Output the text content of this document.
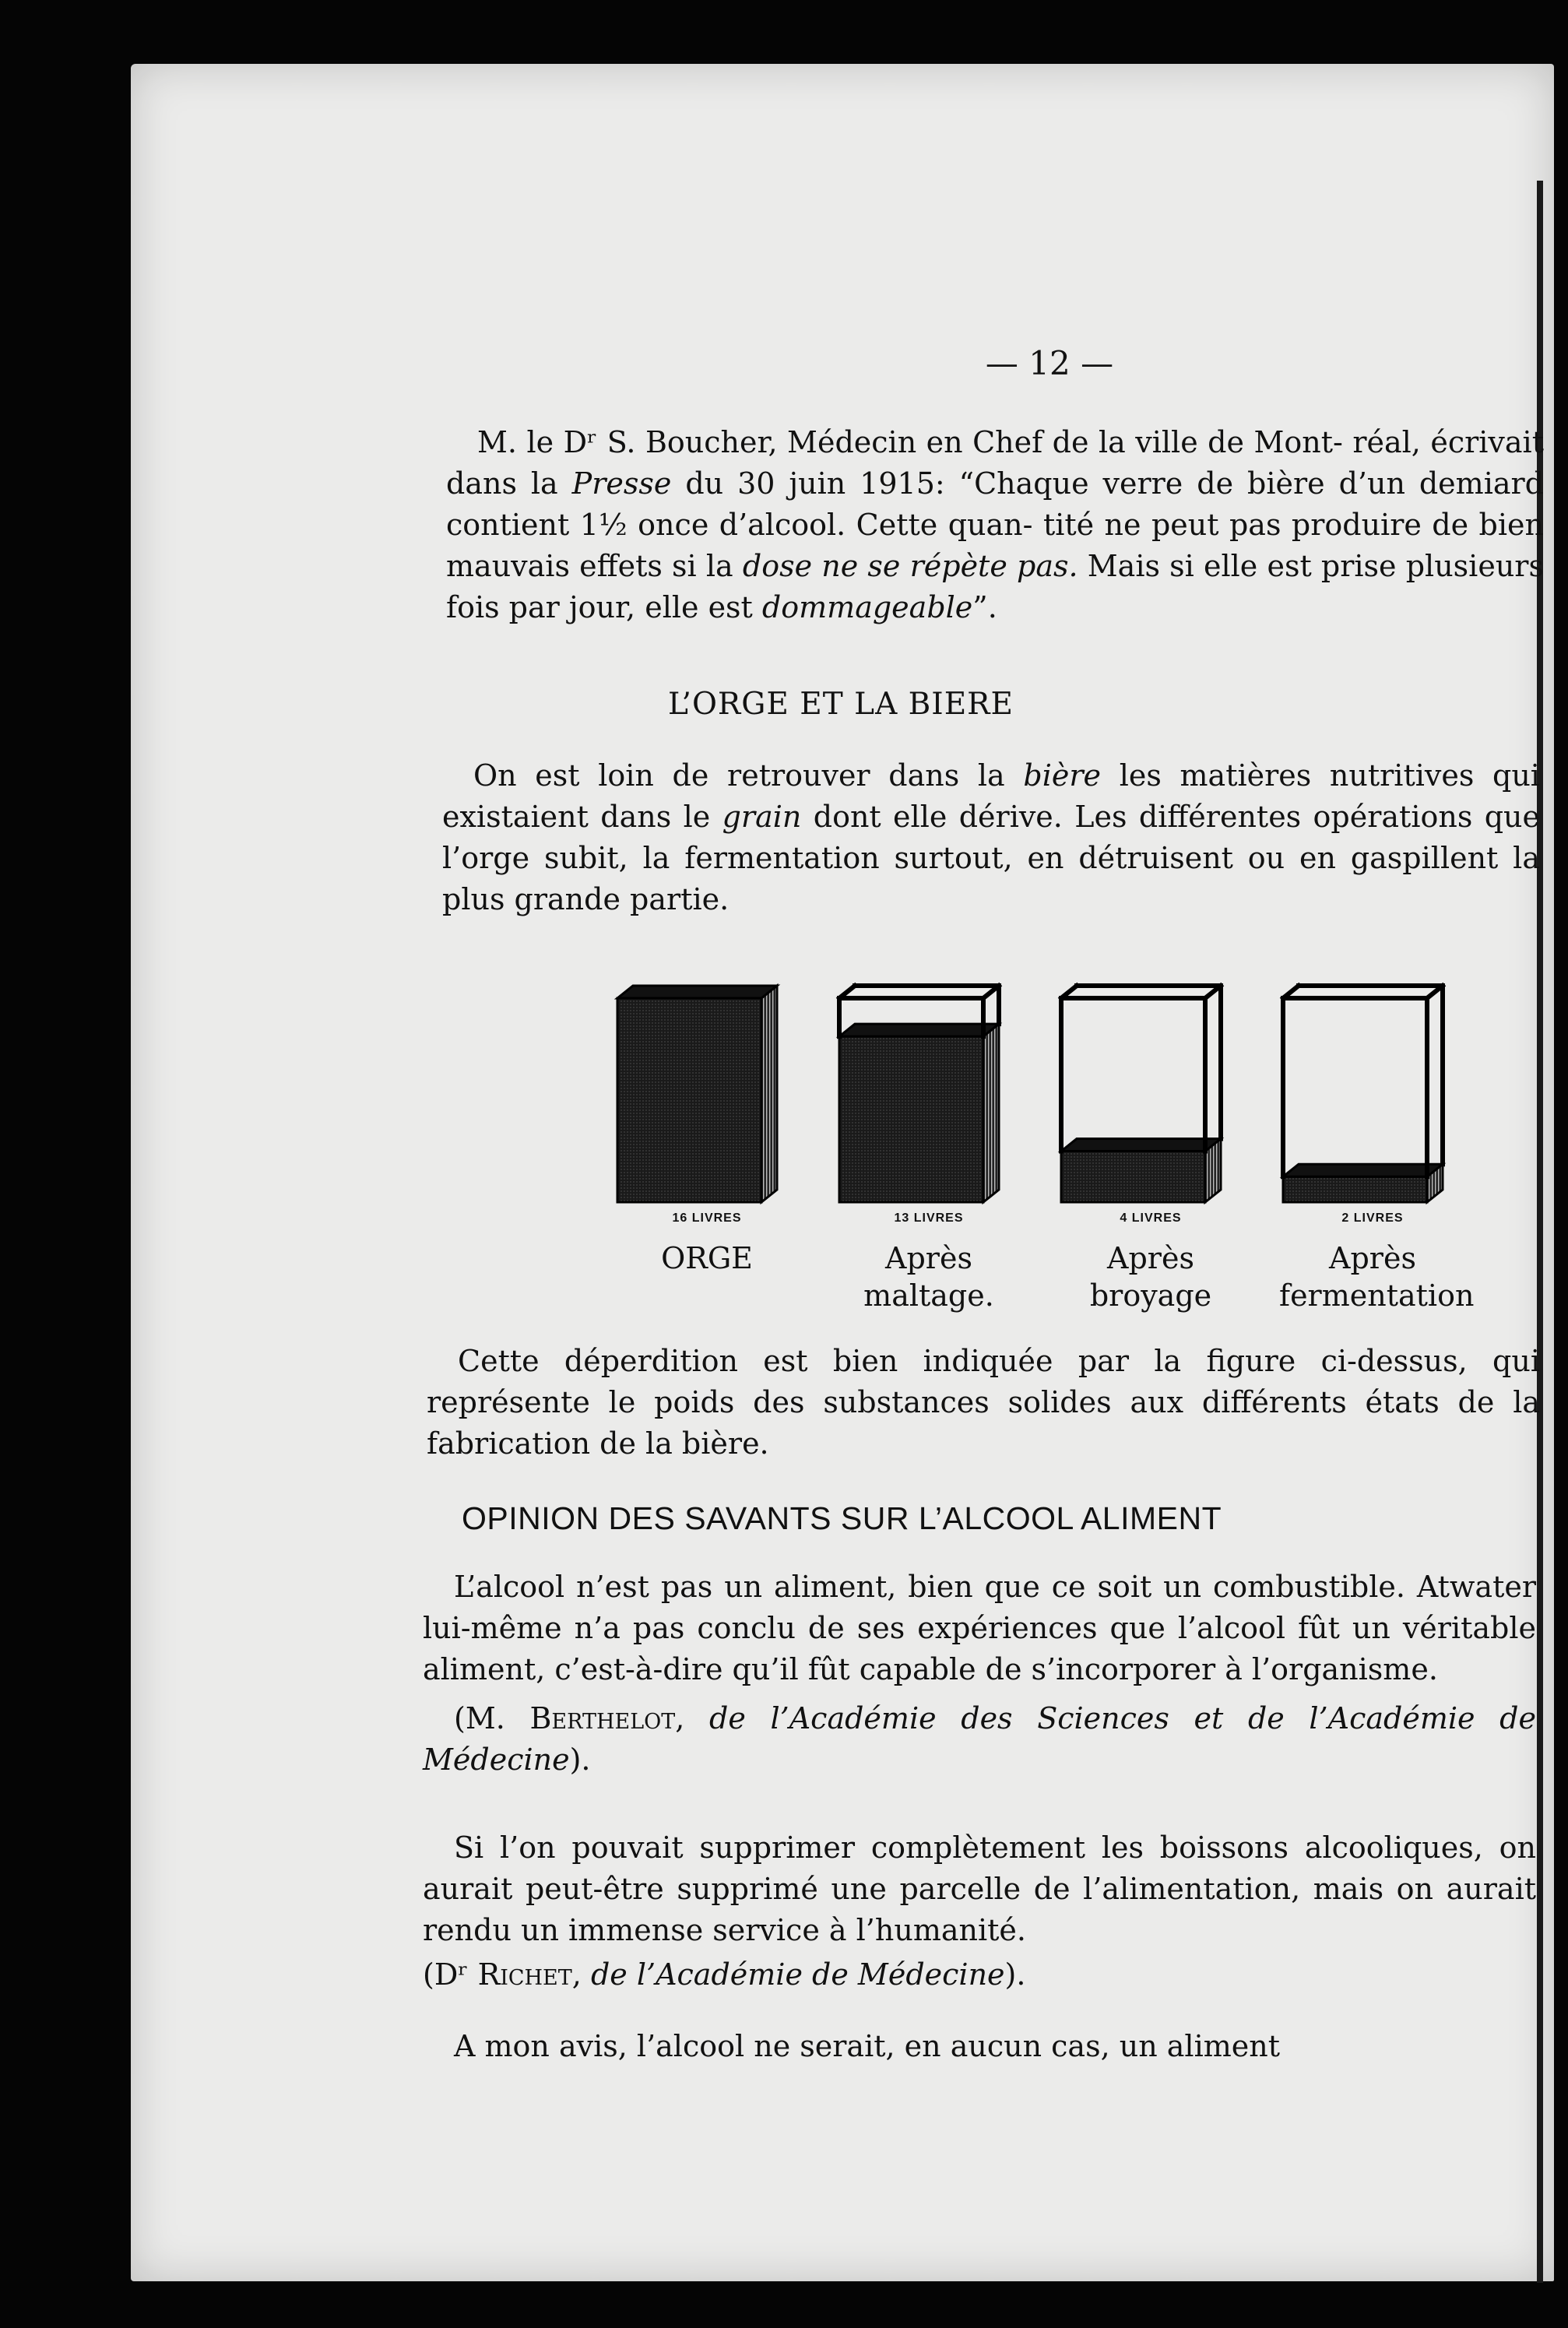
— 12 —

M. le Dʳ S. Boucher, Médecin en Chef de la ville de Mont- réal, écrivait dans la Presse du 30 juin 1915: “Chaque verre de bière d’un demiard contient 1½ once d’alcool. Cette quan- tité ne peut pas produire de bien mauvais effets si la dose ne se répète pas. Mais si elle est prise plusieurs fois par jour, elle est dommageable”.

L’ORGE ET LA BIERE

On est loin de retrouver dans la bière les matières nutritives qui existaient dans le grain dont elle dérive. Les différentes opérations que l’orge subit, la fermentation surtout, en détruisent ou en gaspillent la plus grande partie.

16 LIVRES
ORGE
13 LIVRES
Après maltage.
4 LIVRES
Après broyage
2 LIVRES
Après fermentation

Cette déperdition est bien indiquée par la figure ci-dessus, qui représente le poids des substances solides aux différents états de la fabrication de la bière.

OPINION DES SAVANTS SUR L’ALCOOL ALIMENT

L’alcool n’est pas un aliment, bien que ce soit un combustible. Atwater lui-même n’a pas conclu de ses expériences que l’alcool fût un véritable aliment, c’est-à-dire qu’il fût capable de s’incorporer à l’organisme.

(M. Berthelot, de l’Académie des Sciences et de l’Académie de Médecine).

Si l’on pouvait supprimer complètement les boissons alcooliques, on aurait peut-être supprimé une parcelle de l’alimentation, mais on aurait rendu un immense service à l’humanité.

(Dʳ Richet, de l’Académie de Médecine).

A mon avis, l’alcool ne serait, en aucun cas, un aliment
